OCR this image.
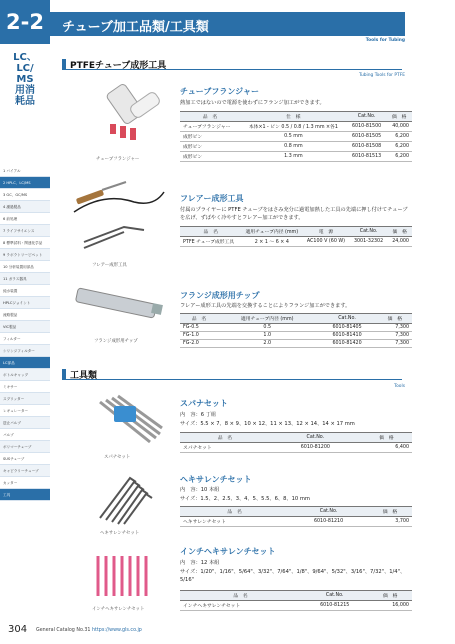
2-2
LC、LC/MS用消耗品
1 バイアル
2 HPLC、LC/MS
3 GC、GC/MS
4 濾過製品
6 前処理
7 ライフサイエンス
8 標準試料・関連化学品
9 ラボラトリーピペット
10 分析装置用部品
11 ガラス器具
純水装置
HPLCジョイント
流路製品
VIC製品
フィルター
シリンジフィルター
LC部品
ボトルキャップ
ミキサー
スプリッター
レギュレーター
逆止バルブ
バルブ
ポリマーチューブ
SUSチューブ
キャピラリーチューブ
カッター
工具
チューブ加工品類/工具類
Tools for Tubing
PTFEチューブ成形工具
Tubing Tools for PTFE
チューブフランジャー
チューブフランジャー
熱加工ではないので電源を使わずにフランジ加工ができます。
品　名	仕　様	Cat.No.	価　格
チューブフランジャー	本体×1・ピン 0.5 / 0.8 / 1.3 mm ×各1	6010-81500	40,000
成形ピン	0.5 mm	6010-81505	6,200
成形ピン	0.8 mm	6010-81508	6,200
成形ピン	1.3 mm	6010-81513	6,200
フレアー成形工具
フレアー成形工具
付属のプライヤーに PTFE チューブをはさみ充分に過電加熱した工具の先端に押し付けてチューブを広げ、ずばやく冷やすとフレアー加工ができます。
品　名	適用チューブ内径 (mm)	電　源	Cat.No.	価　格
PTFE チューブ成形工具	2 × 1 〜 6 × 4	AC100 V (60 W)	3001-32302	24,000
フランジ成形用チップ
フランジ成形用チップ
フレアー成形工具の先端を交換することによりフランジ加工ができます。
品　名	適用チューブ内径 (mm)	Cat.No.	価　格
FG-0.5	0.5	6010-81405	7,300
FG-1.0	1.0	6010-81410	7,300
FG-2.0	2.0	6010-81420	7,300
工具類
Tools
スパナセット
スパナセット
内　容：6 丁組
サイズ：5.5 × 7、8 × 9、10 × 12、11 × 13、12 × 14、14 × 17 mm
品　名	Cat.No.	価　格
スパナセット	6010-81200	6,400
ヘキサレンチセット
ヘキサレンチセット
内　容：10 本組
サイズ：1.5、2、2.5、3、4、5、5.5、6、8、10 mm
品　名	Cat.No.	価　格
ヘキサレンチセット	6010-81210	3,700
インチヘキサレンチセット
インチヘキサレンチセット
内　容：12 本組
サイズ：1/20"、1/16"、5/64"、3/32"、7/64"、1/8"、9/64"、5/32"、3/16"、7/32"、1/4"、5/16"
品　名	Cat.No.	価　格
インチヘキサレンチセット	6010-81215	16,000
304 General Catalog No.31 https://www.gls.co.jp
